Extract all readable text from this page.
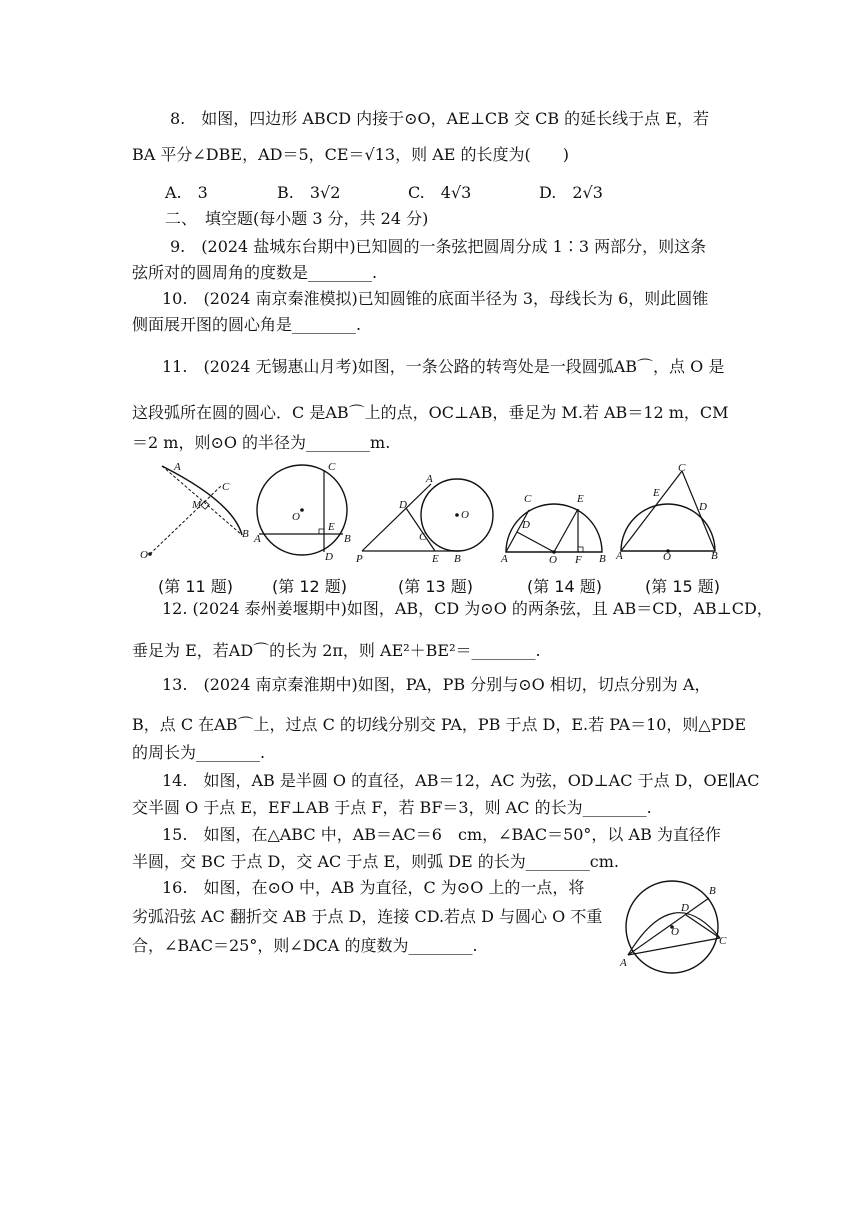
8.　如图，四边形 ABCD 内接于⊙O，AE⊥CB 交 CB 的延长线于点 E，若
BA 平分∠DBE，AD＝5，CE＝√13，则 AE 的长度为(　　)
A.　3	B.　3√2	C.　4√3	D.　2√3
二、　填空题(每小题 3 分，共 24 分)
9.　(2024 盐城东台期中)已知圆的一条弦把圆周分成 1∶3 两部分，则这条
弦所对的圆周角的度数是________.
10.　(2024 南京秦淮模拟)已知圆锥的底面半径为 3，母线长为 6，则此圆锥
侧面展开图的圆心角是________.
11.　(2024 无锡惠山月考)如图，一条公路的转弯处是一段圆弧AB⌒，点 O 是
这段弧所在圆的圆心．C 是AB⌒上的点，OC⊥AB，垂足为 M.若 AB＝12 m，CM
＝2 m，则⊙O 的半径为________m.
A
C
M
B
O
C
O
E
A	B
D
A
D
O
C
P	E B
C	E
D
A	O F B
C
E
D
A	O	B
(第 11 题) (第 12 题)	(第 13 题)	(第 14 题)	(第 15 题)
12. (2024 泰州姜堰期中)如图，AB，CD 为⊙O 的两条弦，且 AB＝CD，AB⊥CD，
垂足为 E，若AD⌒的长为 2π，则 AE²＋BE²＝________.
13.　(2024 南京秦淮期中)如图，PA，PB 分别与⊙O 相切，切点分别为 A，
B，点 C 在AB⌒上，过点 C 的切线分别交 PA，PB 于点 D，E.若 PA＝10，则△PDE
的周长为________.
14.　如图，AB 是半圆 O 的直径，AB＝12，AC 为弦，OD⊥AC 于点 D，OE∥AC
交半圆 O 于点 E，EF⊥AB 于点 F，若 BF＝3，则 AC 的长为________.
15.　如图，在△ABC 中，AB＝AC＝6　cm，∠BAC＝50°，以 AB 为直径作
半圆，交 BC 于点 D，交 AC 于点 E，则弧 DE 的长为________cm.
16.　如图，在⊙O 中，AB 为直径，C 为⊙O 上的一点，将
劣弧沿弦 AC 翻折交 AB 于点 D，连接 CD.若点 D 与圆心 O 不重
合，∠BAC＝25°，则∠DCA 的度数为________.
B
D
O
C
A
